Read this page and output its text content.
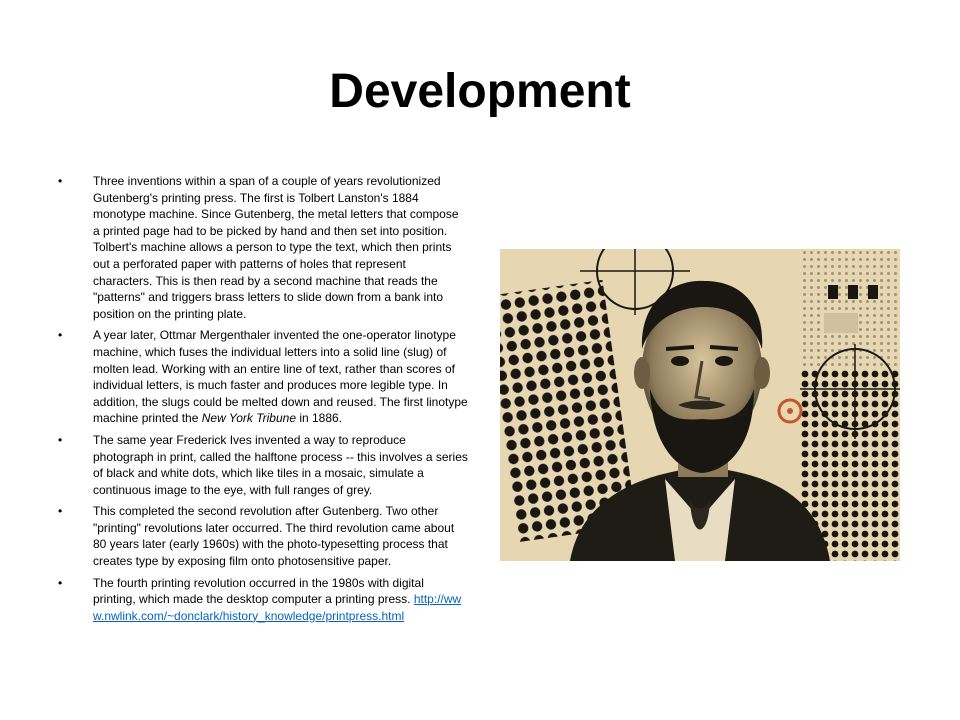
Development
•	Three inventions within a span of a couple of years revolutionized Gutenberg's printing press. The first is Tolbert Lanston's 1884 monotype machine. Since Gutenberg, the metal letters that compose a printed page had to be picked by hand and then set into position. Tolbert's machine allows a person to type the text, which then prints out a perforated paper with patterns of holes that represent characters. This is then read by a second machine that reads the "patterns" and triggers brass letters to slide down from a bank into position on the printing plate.
•	A year later, Ottmar Mergenthaler invented the one-operator linotype machine, which fuses the individual letters into a solid line (slug) of molten lead. Working with an entire line of text, rather than scores of individual letters, is much faster and produces more legible type. In addition, the slugs could be melted down and reused. The first linotype machine printed the New York Tribune in 1886.
•	The same year Frederick Ives invented a way to reproduce photograph in print, called the halftone process -- this involves a series of black and white dots, which like tiles in a mosaic, simulate a continuous image to the eye, with full ranges of grey.
•	This completed the second revolution after Gutenberg. Two other "printing" revolutions later occurred. The third revolution came about 80 years later (early 1960s) with the photo-typesetting process that creates type by exposing film onto photosensitive paper.
•	The fourth printing revolution occurred in the 1980s with digital printing, which made the desktop computer a printing press. http://www.nwlink.com/~donclark/history_knowledge/printpress.html
